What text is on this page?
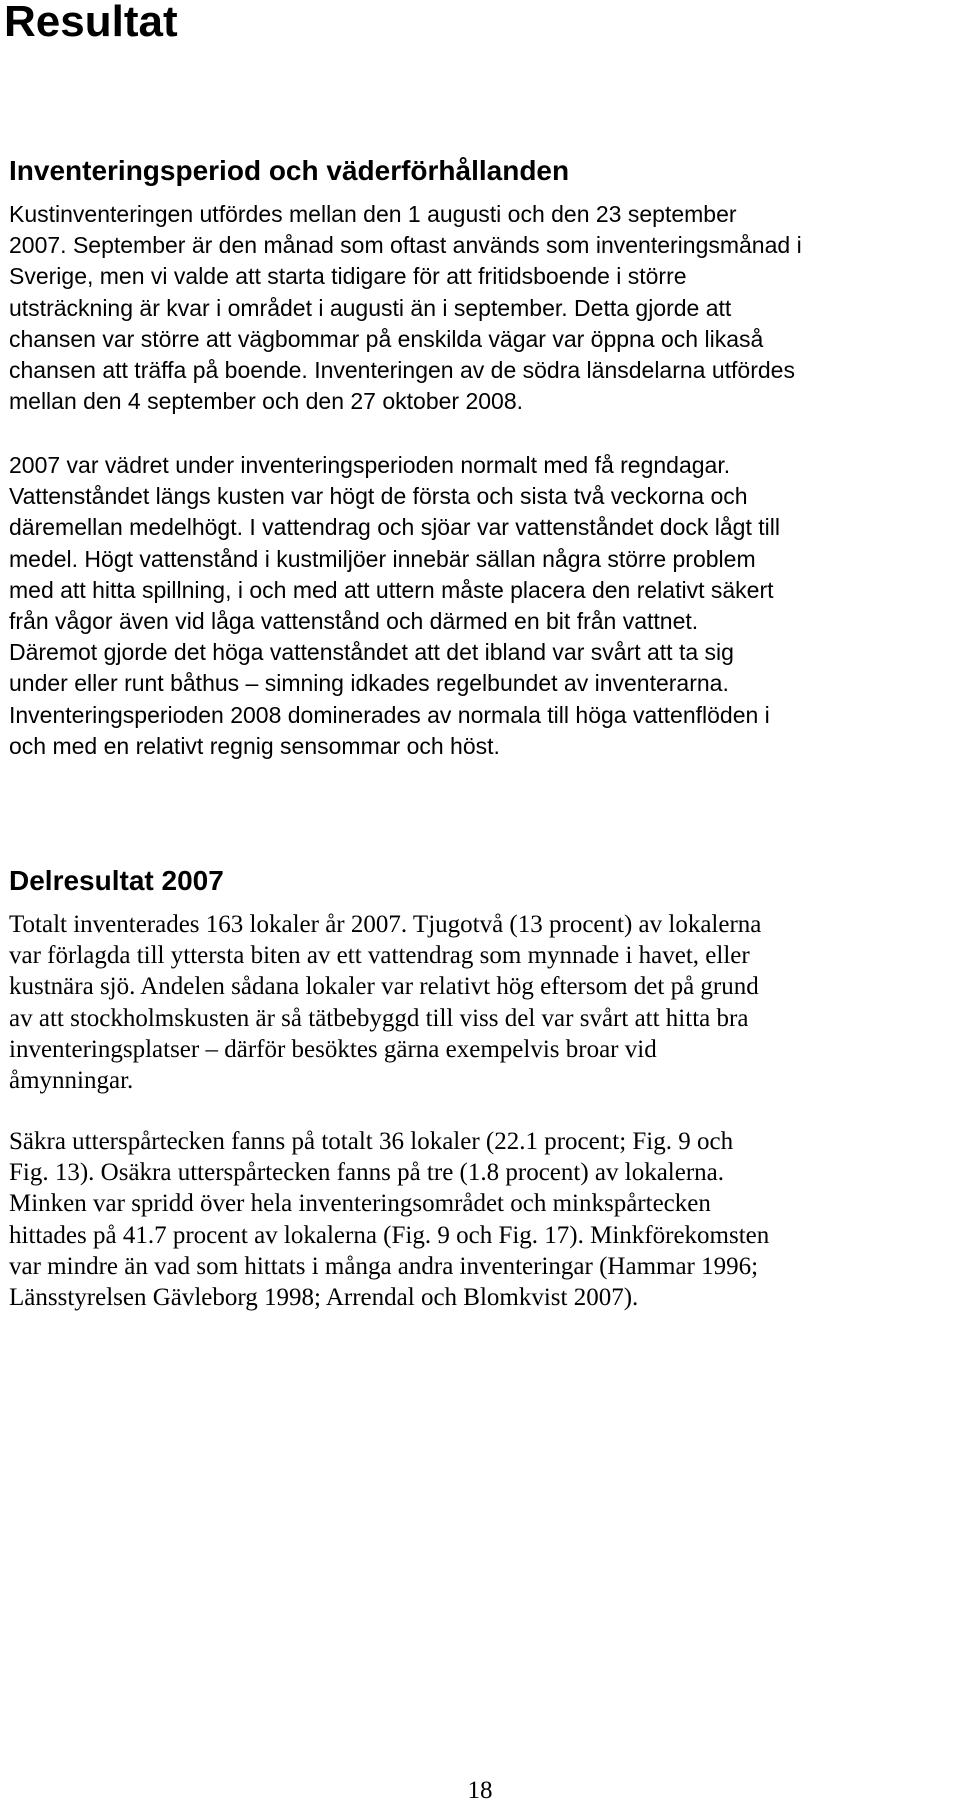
Resultat
Inventeringsperiod och väderförhållanden
Kustinventeringen utfördes mellan den 1 augusti och den 23 september
2007. September är den månad som oftast används som inventeringsmånad i
Sverige, men vi valde att starta tidigare för att fritidsboende i större
utsträckning är kvar i området i augusti än i september. Detta gjorde att
chansen var större att vägbommar på enskilda vägar var öppna och likaså
chansen att träffa på boende. Inventeringen av de södra länsdelarna utfördes
mellan den 4 september och den 27 oktober 2008.
2007 var vädret under inventeringsperioden normalt med få regndagar.
Vattenståndet längs kusten var högt de första och sista två veckorna och
däremellan medelhögt. I vattendrag och sjöar var vattenståndet dock lågt till
medel. Högt vattenstånd i kustmiljöer innebär sällan några större problem
med att hitta spillning, i och med att uttern måste placera den relativt säkert
från vågor även vid låga vattenstånd och därmed en bit från vattnet.
Däremot gjorde det höga vattenståndet att det ibland var svårt att ta sig
under eller runt båthus – simning idkades regelbundet av inventerarna.
Inventeringsperioden 2008 dominerades av normala till höga vattenflöden i
och med en relativt regnig sensommar och höst.
Delresultat 2007
Totalt inventerades 163 lokaler år 2007. Tjugotvå (13 procent) av lokalerna
var förlagda till yttersta biten av ett vattendrag som mynnade i havet, eller
kustnära sjö. Andelen sådana lokaler var relativt hög eftersom det på grund
av att stockholmskusten är så tätbebyggd till viss del var svårt att hitta bra
inventeringsplatser – därför besöktes gärna exempelvis broar vid
åmynningar.
Säkra utterspårtecken fanns på totalt 36 lokaler (22.1 procent; Fig. 9 och
Fig. 13). Osäkra utterspårtecken fanns på tre (1.8 procent) av lokalerna.
Minken var spridd över hela inventeringsområdet och minkspårtecken
hittades på 41.7 procent av lokalerna (Fig. 9 och Fig. 17). Minkförekomsten
var mindre än vad som hittats i många andra inventeringar (Hammar 1996;
Länsstyrelsen Gävleborg 1998; Arrendal och Blomkvist 2007).

18
